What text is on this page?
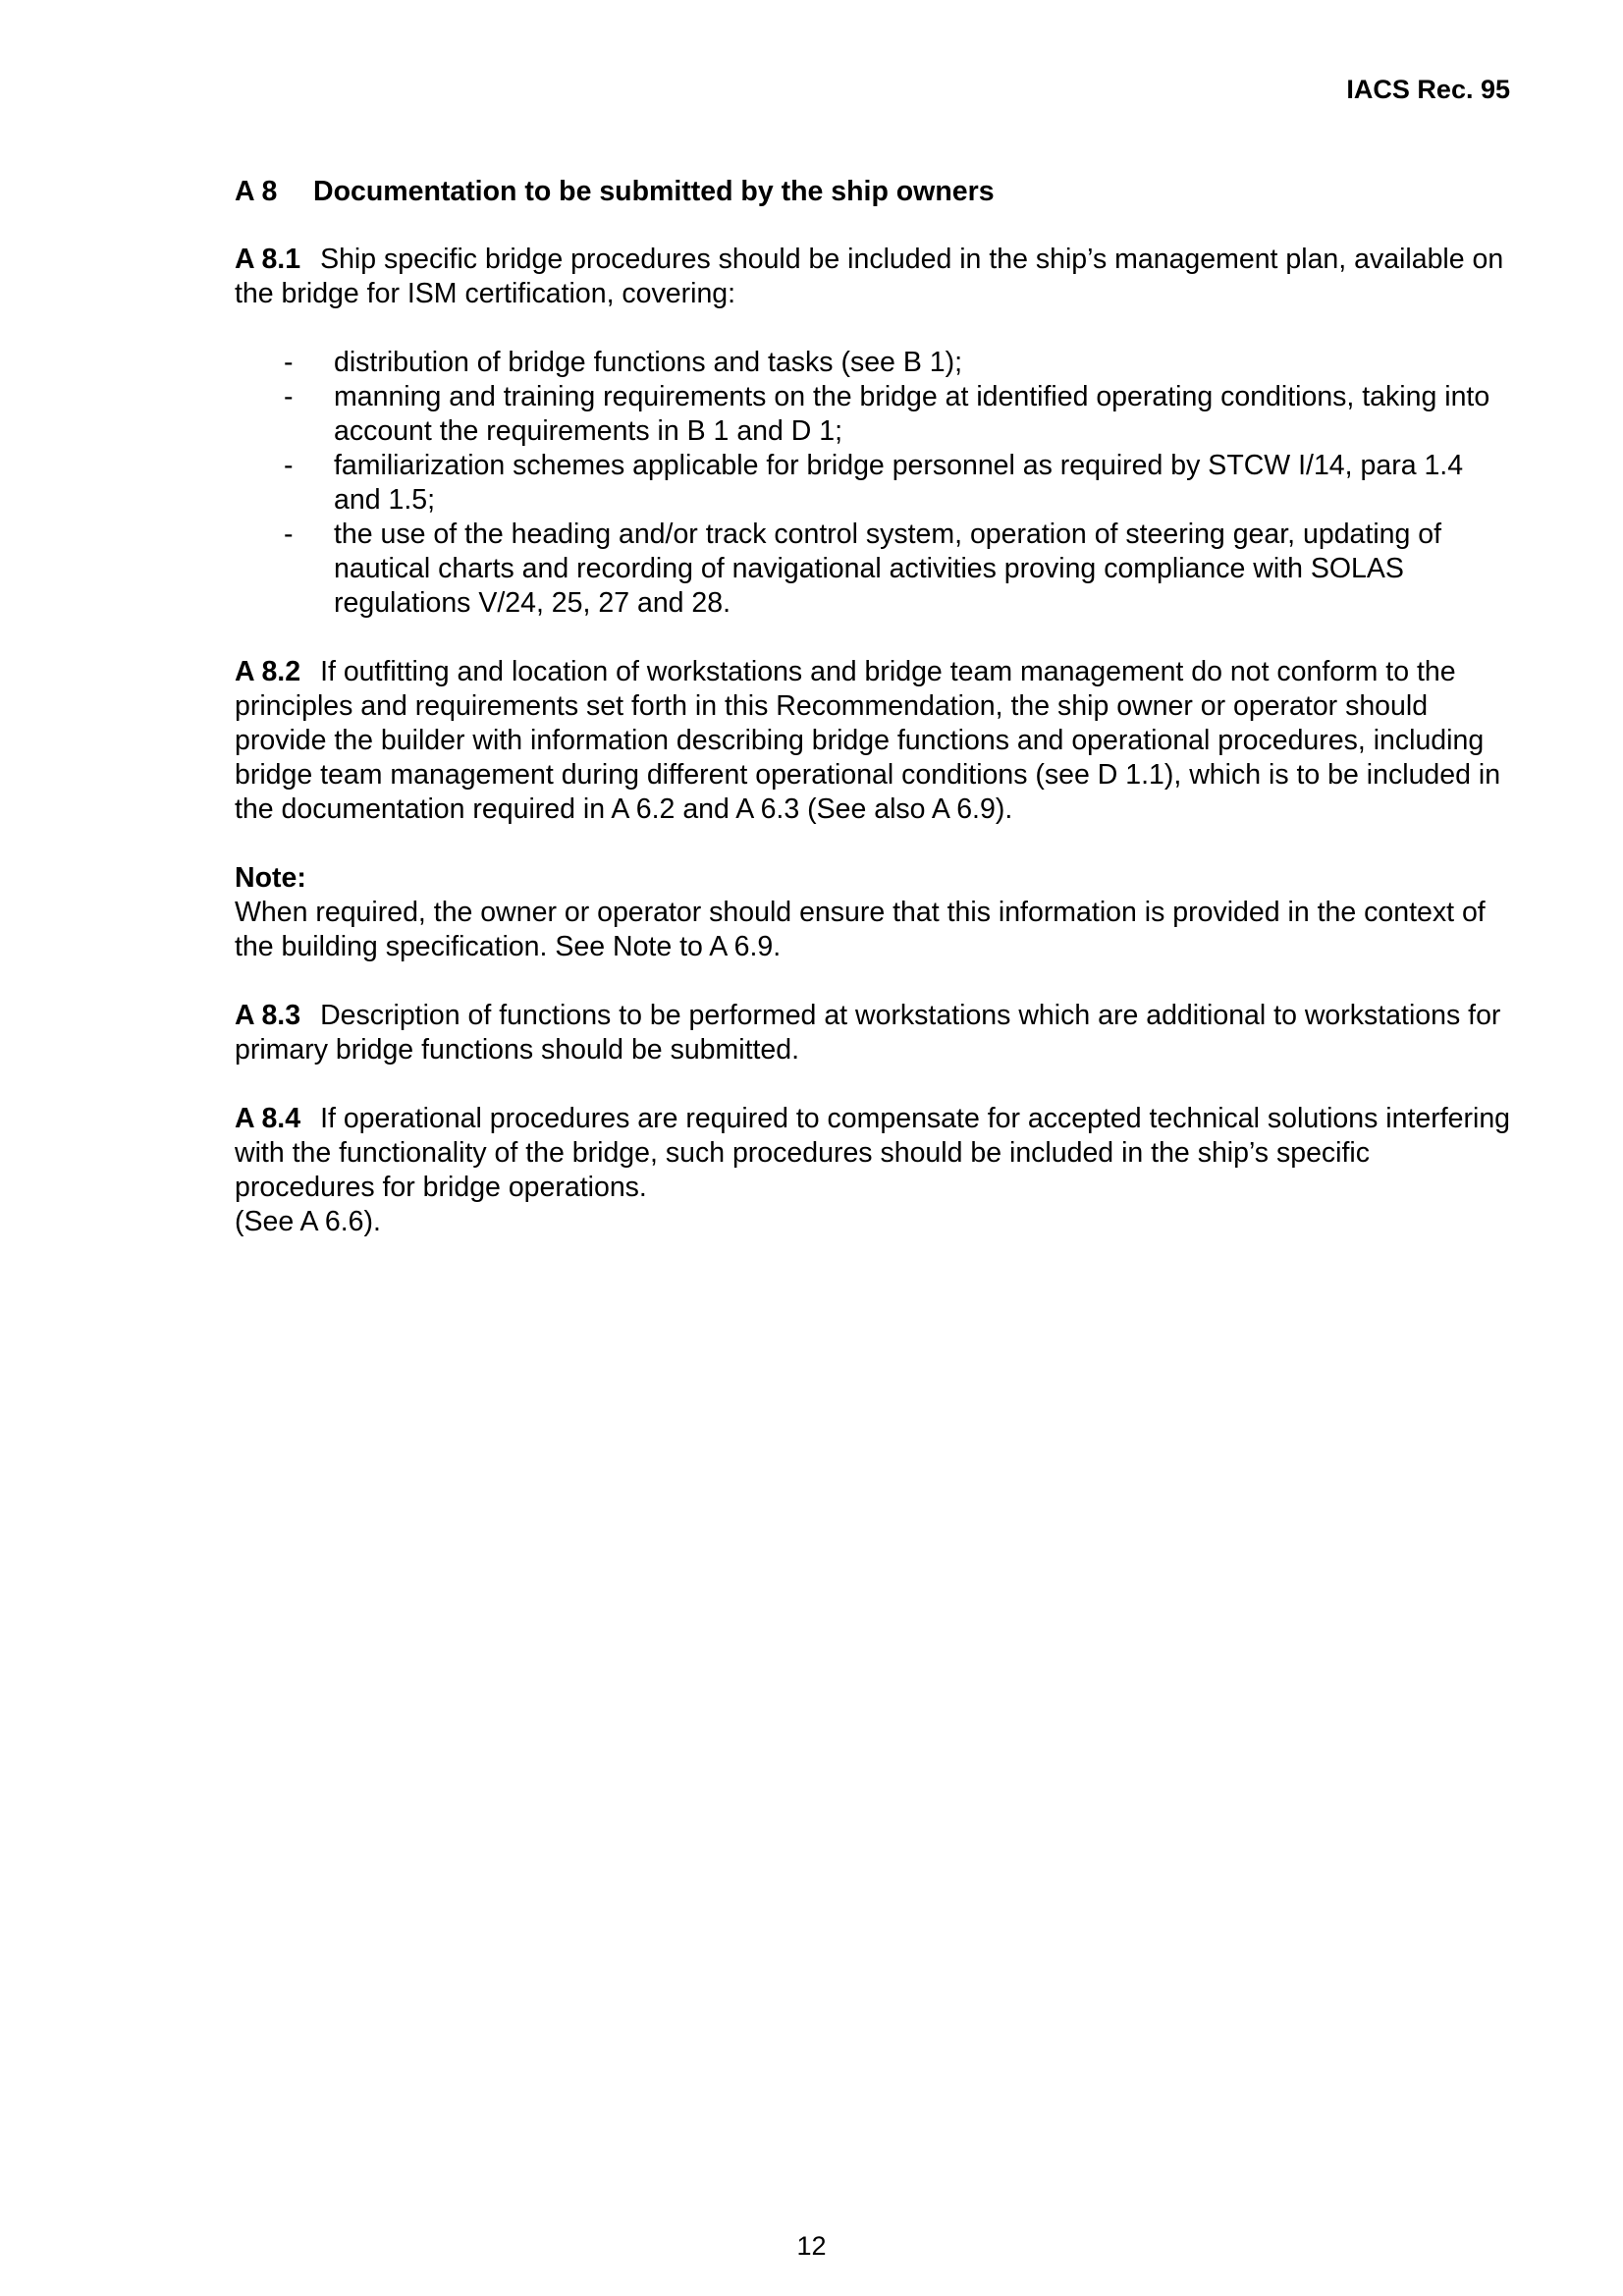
IACS Rec. 95
A 8 Documentation to be submitted by the ship owners

A 8.1 Ship specific bridge procedures should be included in the ship’s management plan, available on the bridge for ISM certification, covering:

- distribution of bridge functions and tasks (see B 1);
- manning and training requirements on the bridge at identified operating conditions, taking into account the requirements in B 1 and D 1;
- familiarization schemes applicable for bridge personnel as required by STCW I/14, para 1.4 and 1.5;
- the use of the heading and/or track control system, operation of steering gear, updating of nautical charts and recording of navigational activities proving compliance with SOLAS regulations V/24, 25, 27 and 28.

A 8.2 If outfitting and location of workstations and bridge team management do not conform to the principles and requirements set forth in this Recommendation, the ship owner or operator should provide the builder with information describing bridge functions and operational procedures, including bridge team management during different operational conditions (see D 1.1), which is to be included in the documentation required in A 6.2 and A 6.3 (See also A 6.9).

Note:
When required, the owner or operator should ensure that this information is provided in the context of the building specification. See Note to A 6.9.

A 8.3 Description of functions to be performed at workstations which are additional to workstations for primary bridge functions should be submitted.

A 8.4 If operational procedures are required to compensate for accepted technical solutions interfering with the functionality of the bridge, such procedures should be included in the ship’s specific procedures for bridge operations.
(See A 6.6).

12
